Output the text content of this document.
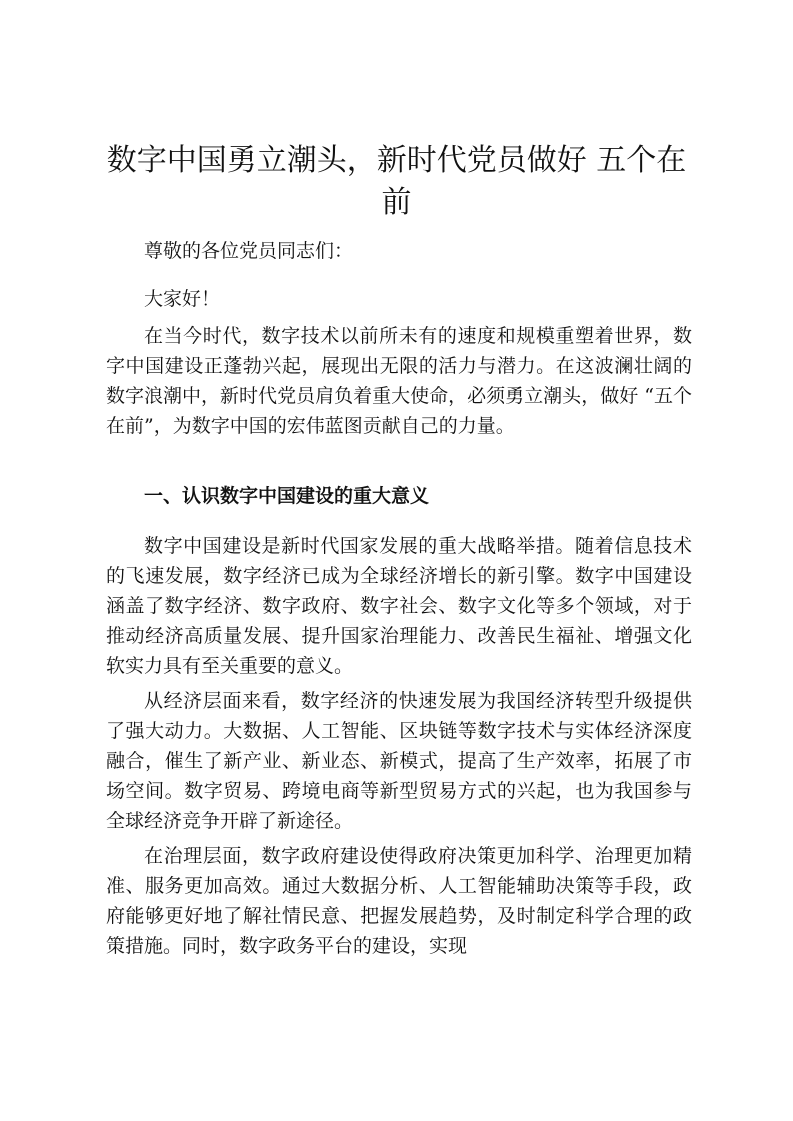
数字中国勇立潮头，新时代党员做好 五个在前

尊敬的各位党员同志们：

大家好！

在当今时代，数字技术以前所未有的速度和规模重塑着世界，数字中国建设正蓬勃兴起，展现出无限的活力与潜力。在这波澜壮阔的数字浪潮中，新时代党员肩负着重大使命，必须勇立潮头，做好 “五个在前”，为数字中国的宏伟蓝图贡献自己的力量。

一、认识数字中国建设的重大意义

数字中国建设是新时代国家发展的重大战略举措。随着信息技术的飞速发展，数字经济已成为全球经济增长的新引擎。数字中国建设涵盖了数字经济、数字政府、数字社会、数字文化等多个领域，对于推动经济高质量发展、提升国家治理能力、改善民生福祉、增强文化软实力具有至关重要的意义。

从经济层面来看，数字经济的快速发展为我国经济转型升级提供了强大动力。大数据、人工智能、区块链等数字技术与实体经济深度融合，催生了新产业、新业态、新模式，提高了生产效率，拓展了市场空间。数字贸易、跨境电商等新型贸易方式的兴起，也为我国参与全球经济竞争开辟了新途径。

在治理层面，数字政府建设使得政府决策更加科学、治理更加精准、服务更加高效。通过大数据分析、人工智能辅助决策等手段，政府能够更好地了解社情民意、把握发展趋势，及时制定科学合理的政策措施。同时，数字政务平台的建设，实现
